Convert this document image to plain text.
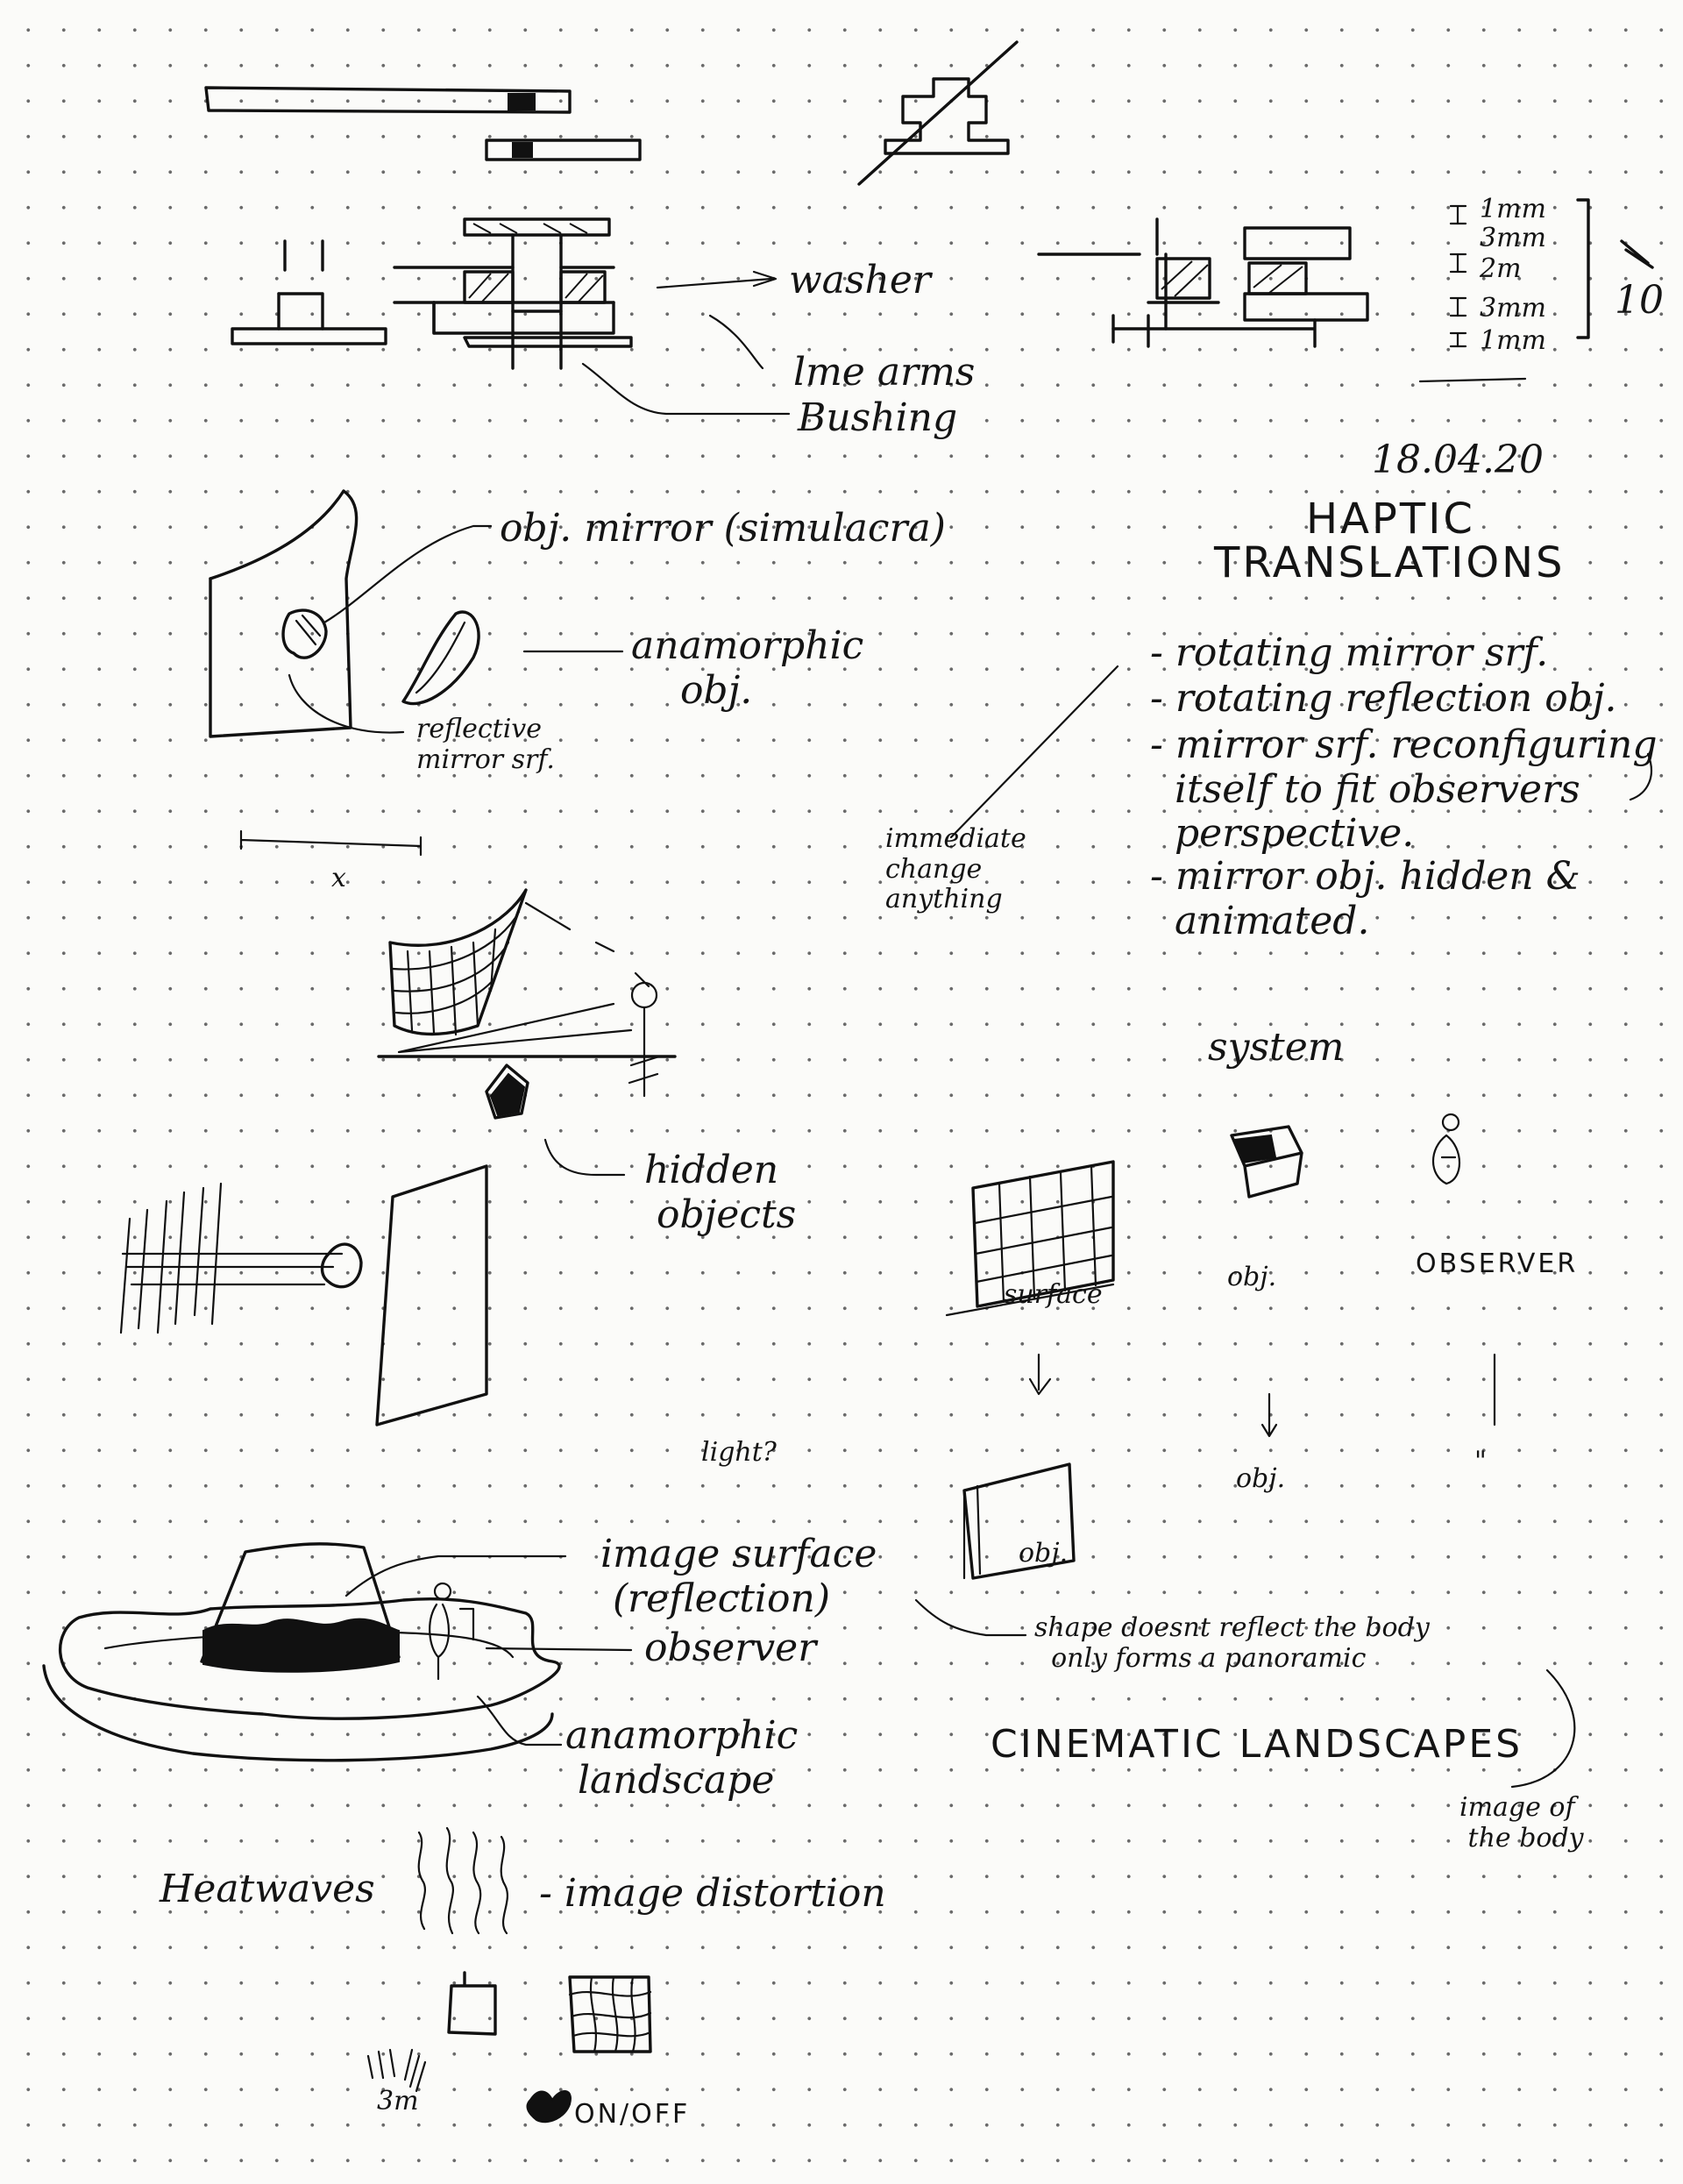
washer
lme arms
Bushing
1mm
3mm
2m
3mm
1mm
10
18.04.20
HAPTIC
TRANSLATIONS
obj. mirror (simulacra)
anamorphic
obj.
reflective
mirror srf.
x
- rotating mirror srf.
- rotating reflection obj.
- mirror srf. reconfiguring
itself to fit observers
perspective.
- mirror obj. hidden &
animated.
immediate
change
anything
hidden
objects
system
surface
obj.	OBSERVER
obj.
obj.
"
light?
image surface
(reflection)
observer
anamorphic
landscape
shape doesnt reflect the body
only forms a panoramic
CINEMATIC LANDSCAPES
image of
the body
Heatwaves	- image distortion
ON/OFF
3m
